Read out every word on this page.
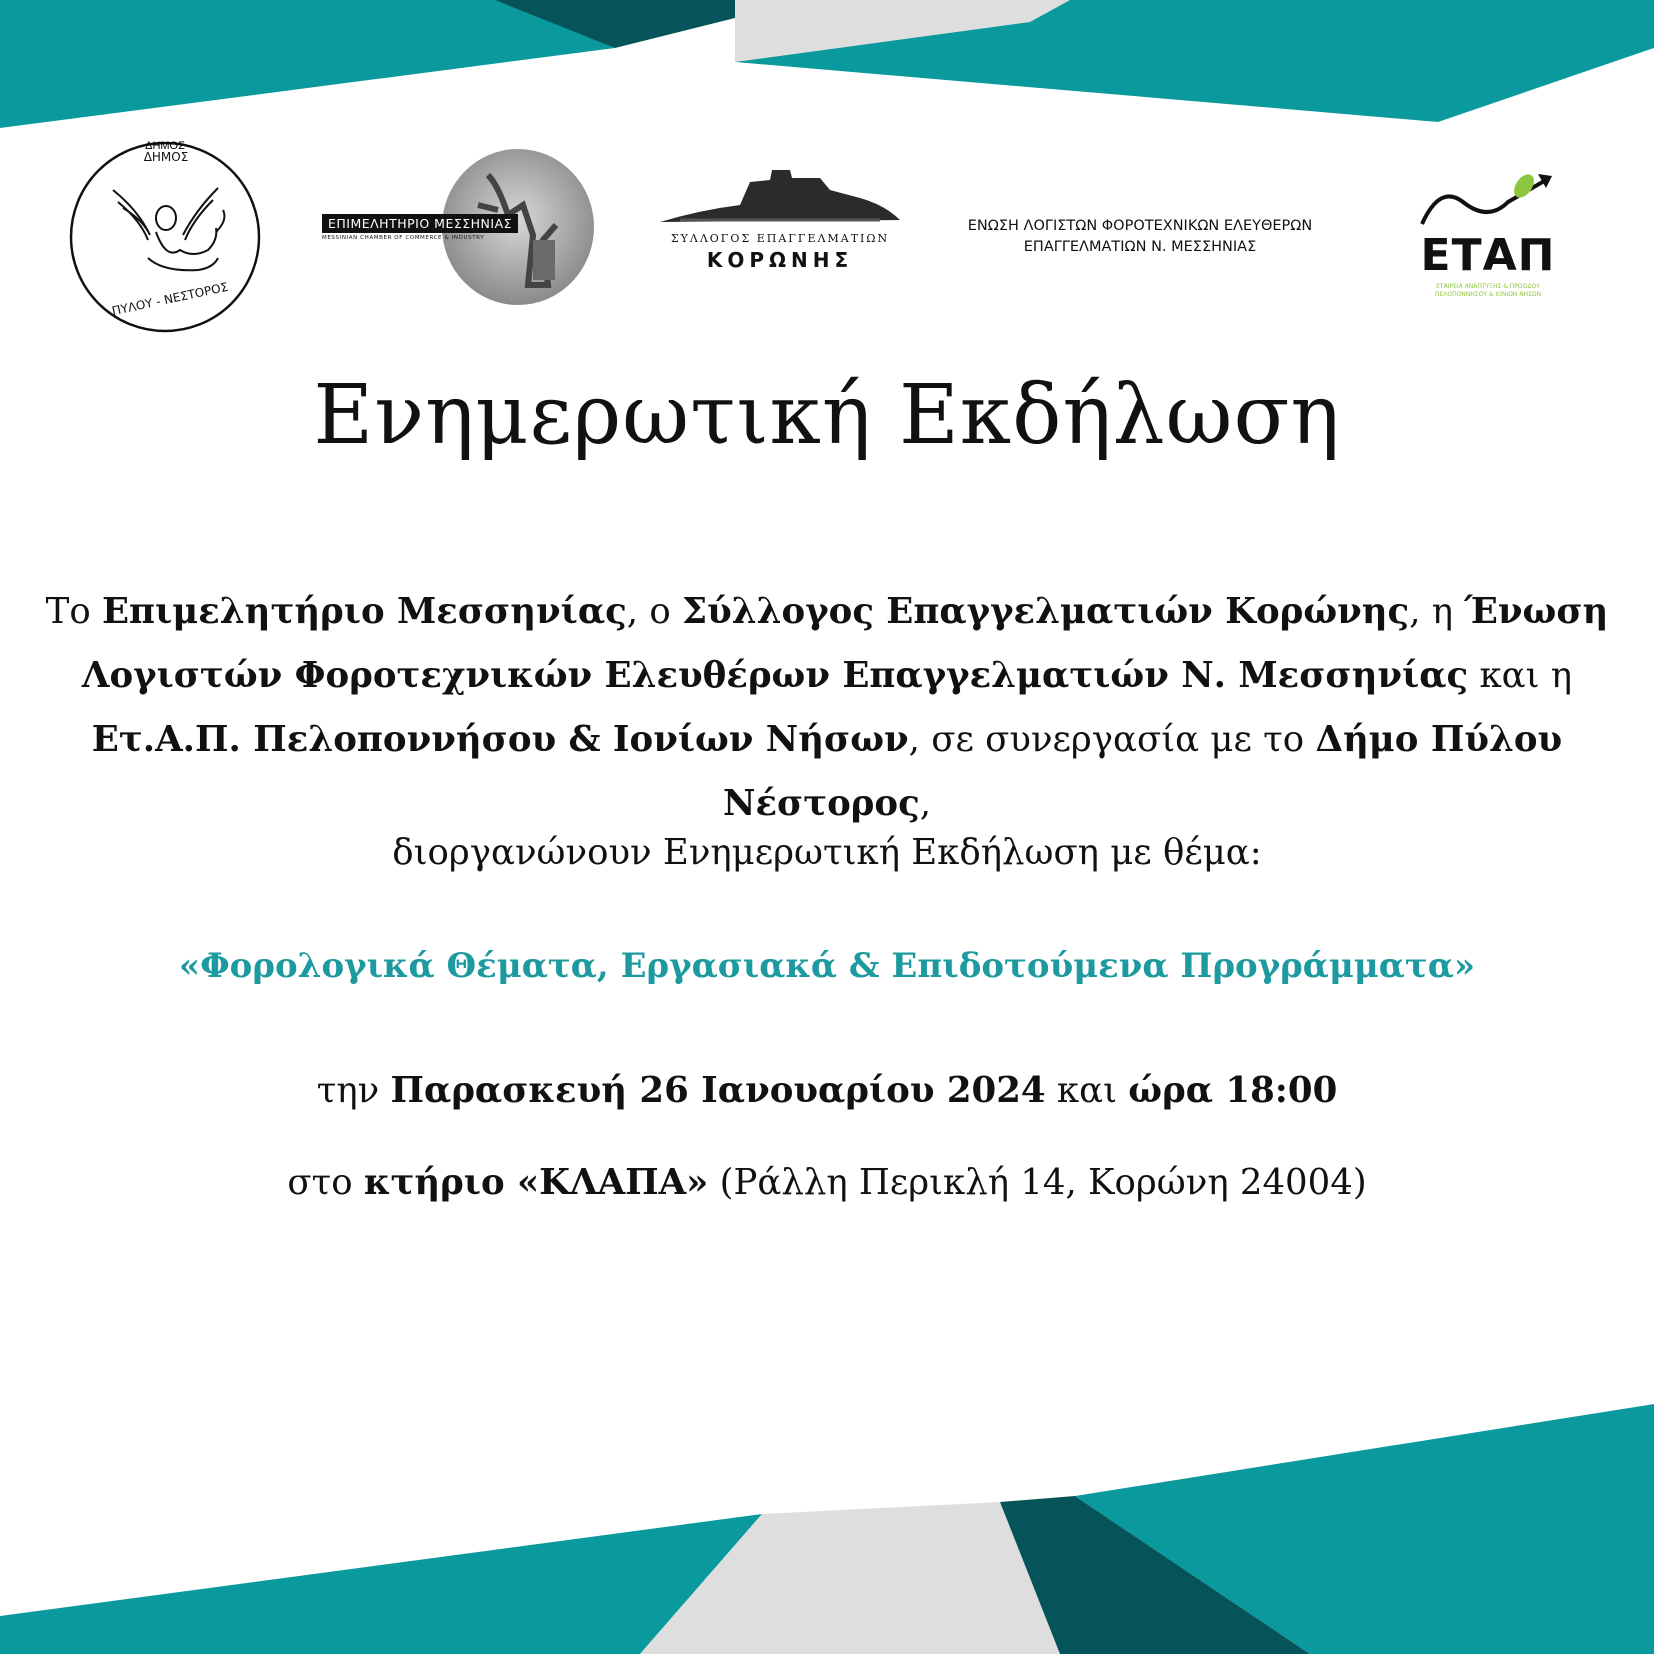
ΔΗΜΟΣ
ΔΗΜΟΣ
ΠΥΛΟΥ - ΝΕΣΤΟΡΟΣ
ΕΠΙΜΕΛΗΤΗΡΙΟ ΜΕΣΣΗΝΙΑΣ
MESSINIAN CHAMBER OF COMMERCE & INDUSTRY	ΣΥΛΛΟΓΟΣ ΕΠΑΓΓΕΛΜΑΤΙΩΝ
ΚΟΡΩΝΗΣ
ΕΝΩΣΗ ΛΟΓΙΣΤΩΝ ΦΟΡΟΤΕΧΝΙΚΩΝ ΕΛΕΥΘΕΡΩΝ
ΕΠΑΓΓΕΛΜΑΤΙΩΝ Ν. ΜΕΣΣΗΝΙΑΣ	ΕΤΑΠ
ΕΤΑΙΡΕΙΑ ΑΝΑΠΤΥΞΗΣ & ΠΡΟΟΔΟΥ
ΠΕΛΟΠΟΝΝΗΣΟΥ & ΙΟΝΙΩΝ ΝΗΣΩΝ
Ενημερωτική Εκδήλωση

Το Επιμελητήριο Μεσσηνίας, ο Σύλλογος Επαγγελματιών Κορώνης, η Ένωση Λογιστών Φοροτεχνικών Ελευθέρων Επαγγελματιών Ν. Μεσσηνίας και η Ετ.Α.Π. Πελοποννήσου & Ιονίων Νήσων, σε συνεργασία με το Δήμο Πύλου Νέστορος,

διοργανώνουν Ενημερωτική Εκδήλωση με θέμα:

«Φορολογικά Θέματα, Εργασιακά & Επιδοτούμενα Προγράμματα»

την Παρασκευή 26 Ιανουαρίου 2024 και ώρα 18:00

στο κτήριο «ΚΛΑΠΑ» (Ράλλη Περικλή 14, Κορώνη 24004)
